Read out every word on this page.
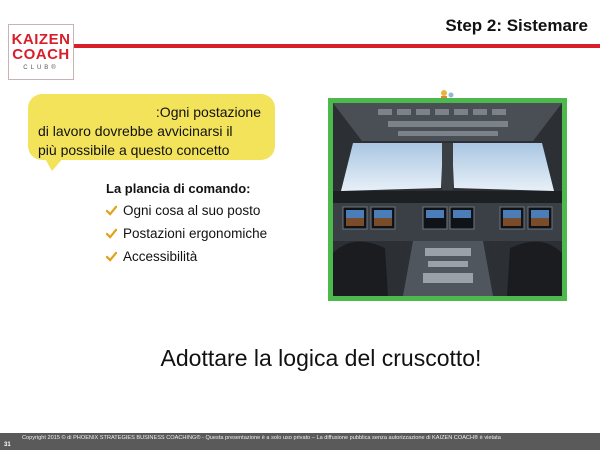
KAIZEN
COACH
CLUB®
Step 2: Sistemare
:Ogni postazione
di lavoro dovrebbe avvicinarsi il
più possibile a questo concetto
La plancia di comando:
Ogni cosa al suo posto
Postazioni ergonomiche
Accessibilità
Adottare la logica del cruscotto!
Copyright 2015 © di PHOENIX STRATEGIES BUSINESS COACHING® - Questa presentazione è a solo uso privato – La diffusione pubblica senza autorizzazione di KAIZEN COACH® è vietata
31
